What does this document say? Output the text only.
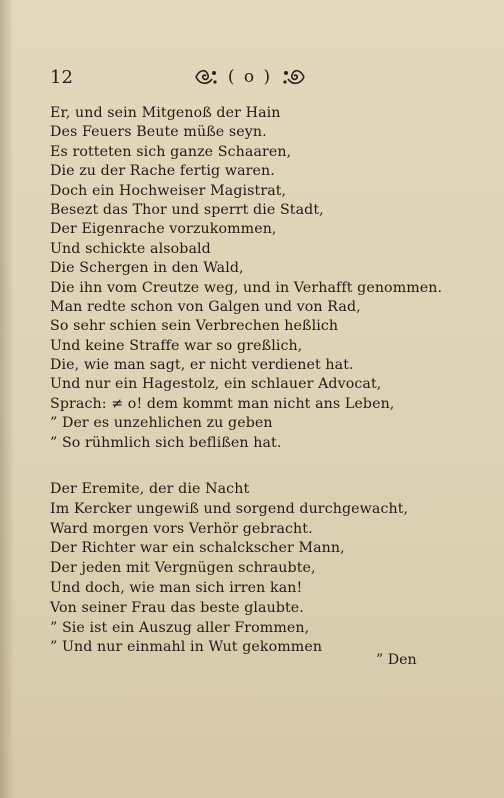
12	( o )
Er, und sein Mitgenoß der Hain
Des Feuers Beute müße seyn.
Es rotteten sich ganze Schaaren,
Die zu der Rache fertig waren.
Doch ein Hochweiser Magistrat,
Besezt das Thor und sperrt die Stadt,
Der Eigenrache vorzukommen,
Und schickte alsobald
Die Schergen in den Wald,
Die ihn vom Creutze weg, und in Verhafft genommen.
Man redte schon von Galgen und von Rad,
So sehr schien sein Verbrechen heßlich
Und keine Straffe war so greßlich,
Die, wie man sagt, er nicht verdienet hat.
Und nur ein Hagestolz, ein schlauer Advocat,
Sprach: ≠ o! dem kommt man nicht ans Leben,
” Der es unzehlichen zu geben
” So rühmlich sich beflißen hat.
Der Eremite, der die Nacht
Im Kercker ungewiß und sorgend durchgewacht,
Ward morgen vors Verhör gebracht.
Der Richter war ein schalckscher Mann,
Der jeden mit Vergnügen schraubte,
Und doch, wie man sich irren kan!
Von seiner Frau das beste glaubte.
” Sie ist ein Auszug aller Frommen,
” Und nur einmahl in Wut gekommen
” Den
